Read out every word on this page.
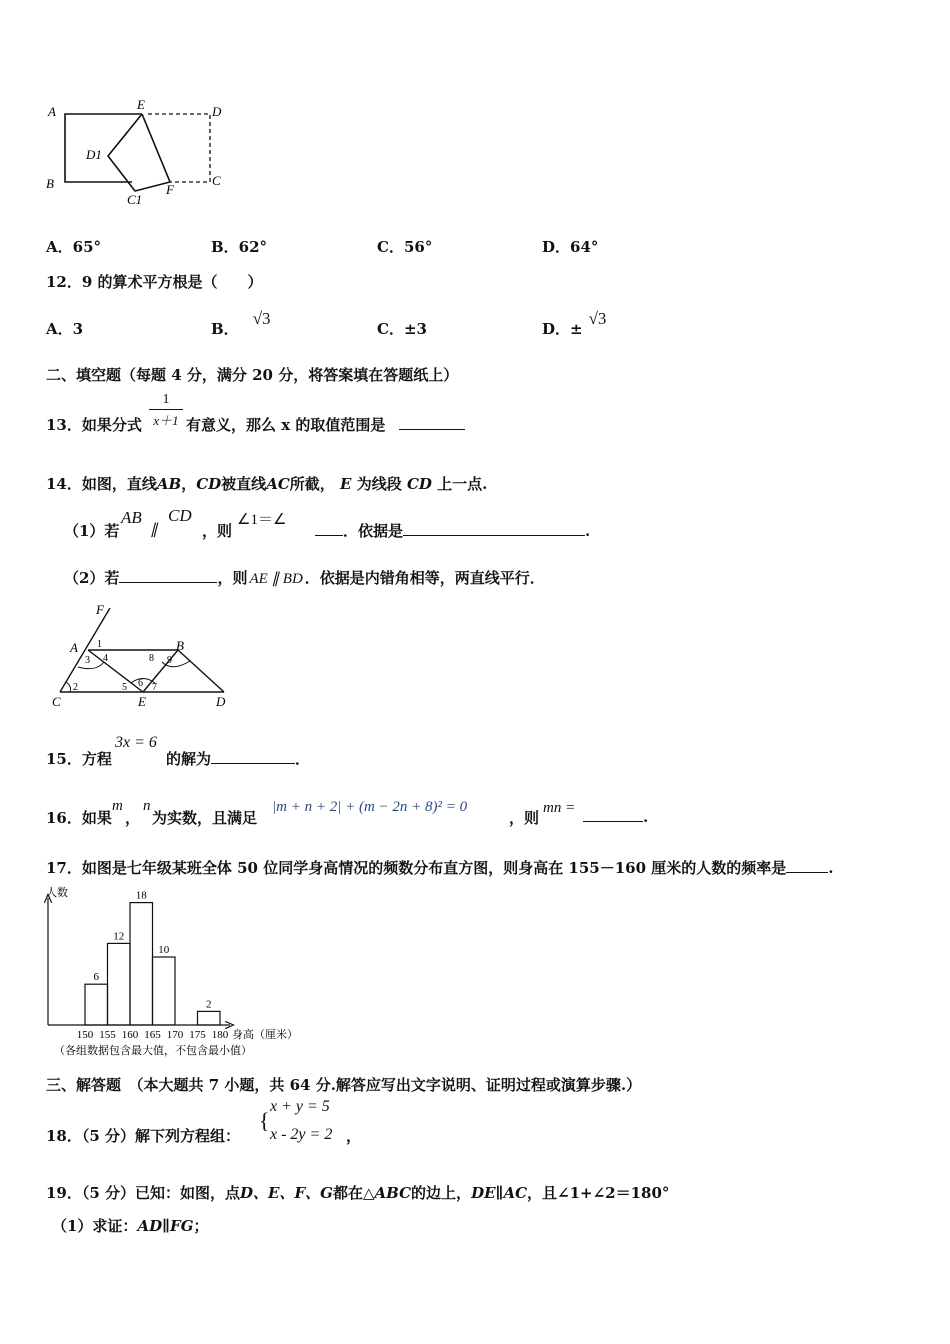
A	E	D
D1
B
C1
F
C
A．65°	B．62°	C．56°	D．64°
12．9 的算术平方根是（　　）
A．3	B．√3
C．±3	D．±√3
二、填空题（每题 4 分，满分 20 分，将答案填在答题纸上）
13．如果分式 $\frac{1}{x+1}$ 有意义，那么 x 的取值范围是
14．如图，直线AB，CD被直线AC所截， E 为线段 CD 上一点.
（1）若
AB
∥
CD
，则
∠1＝∠
．依据是	.
（2）若	，则 AE ∥ BD ．依据是内错角相等，两直线平行．
F
A	B
C	E	D
1
2
3 4
5 6 7
8 9
15．方程
3x = 6
的解为	．
16．如果
m
，
n
为实数，且满足
|m + n + 2| + (m − 2n + 8)² = 0
，则
mn =	.
17．如图是七年级某班全体 50 位同学身高情况的频数分布直方图，则身高在 155－160 厘米的人数的频率是	.
人数
身高（厘米）
（各组数据包含最大值，不包含最小值）
6
12
18
10
2
150 155 160 165 170 175 180
三、解答题　（本大题共 7 小题，共 64 分.解答应写出文字说明、证明过程或演算步骤.）
18．（5 分）解下列方程组：
{
x + y = 5
x - 2y = 2 ，
19．（5 分）已知：如图，点D、E、F、G都在△ABC的边上，DE∥AC，且∠1+∠2＝180°
（1）求证：AD∥FG；
